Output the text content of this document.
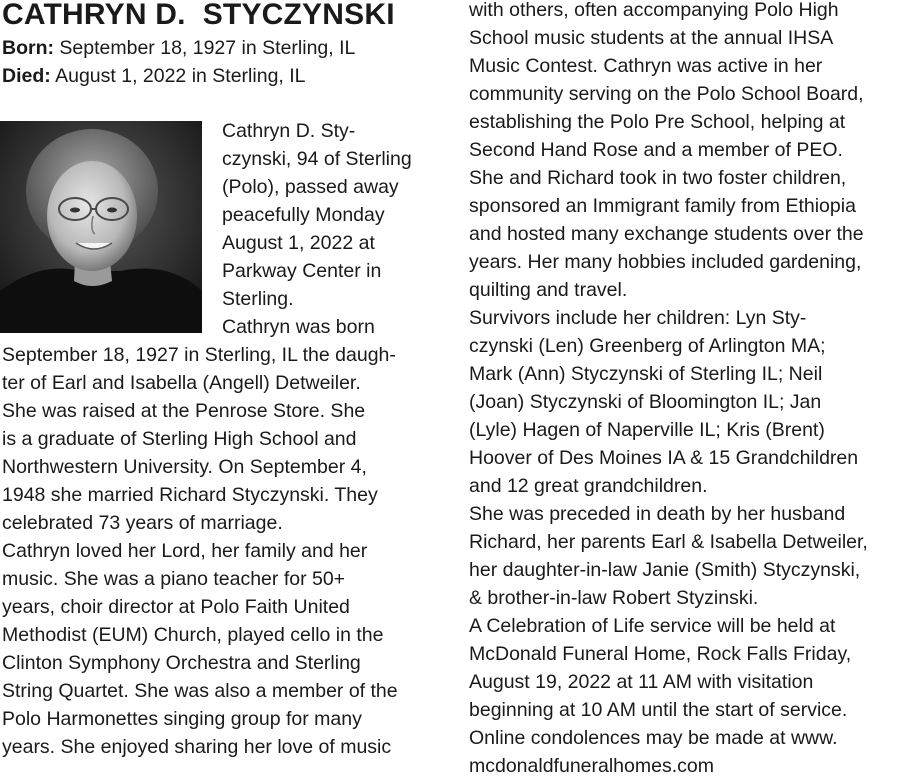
CATHRYN D.  STYCZYNSKI
Born: September 18, 1927 in Sterling, IL
Died: August 1, 2022 in Sterling, IL
Cathryn D. Sty-
czynski, 94 of Sterling
(Polo), passed away
peacefully Monday
August 1, 2022 at
Parkway Center in
Sterling.
Cathryn was born
September 18, 1927 in Sterling, IL the daugh-
ter of Earl and Isabella (Angell) Detweiler.
She was raised at the Penrose Store. She
is a graduate of Sterling High School and
Northwestern University. On September 4,
1948 she married Richard Styczynski. They
celebrated 73 years of marriage.
Cathryn loved her Lord, her family and her
music. She was a piano teacher for 50+
years, choir director at Polo Faith United
Methodist (EUM) Church, played cello in the
Clinton Symphony Orchestra and Sterling
String Quartet. She was also a member of the
Polo Harmonettes singing group for many
years. She enjoyed sharing her love of music
with others, often accompanying Polo High
School music students at the annual IHSA
Music Contest. Cathryn was active in her
community serving on the Polo School Board,
establishing the Polo Pre School, helping at
Second Hand Rose and a member of PEO.
She and Richard took in two foster children,
sponsored an Immigrant family from Ethiopia
and hosted many exchange students over the
years. Her many hobbies included gardening,
quilting and travel.
Survivors include her children: Lyn Sty-
czynski (Len) Greenberg of Arlington MA;
Mark (Ann) Styczynski of Sterling IL; Neil
(Joan) Styczynski of Bloomington IL; Jan
(Lyle) Hagen of Naperville IL; Kris (Brent)
Hoover of Des Moines IA & 15 Grandchildren
and 12 great grandchildren.
She was preceded in death by her husband
Richard, her parents Earl & Isabella Detweiler,
her daughter-in-law Janie (Smith) Styczynski,
& brother-in-law Robert Styzinski.
A Celebration of Life service will be held at
McDonald Funeral Home, Rock Falls Friday,
August 19, 2022 at 11 AM with visitation
beginning at 10 AM until the start of service.
Online condolences may be made at www.
mcdonaldfuneralhomes.com
